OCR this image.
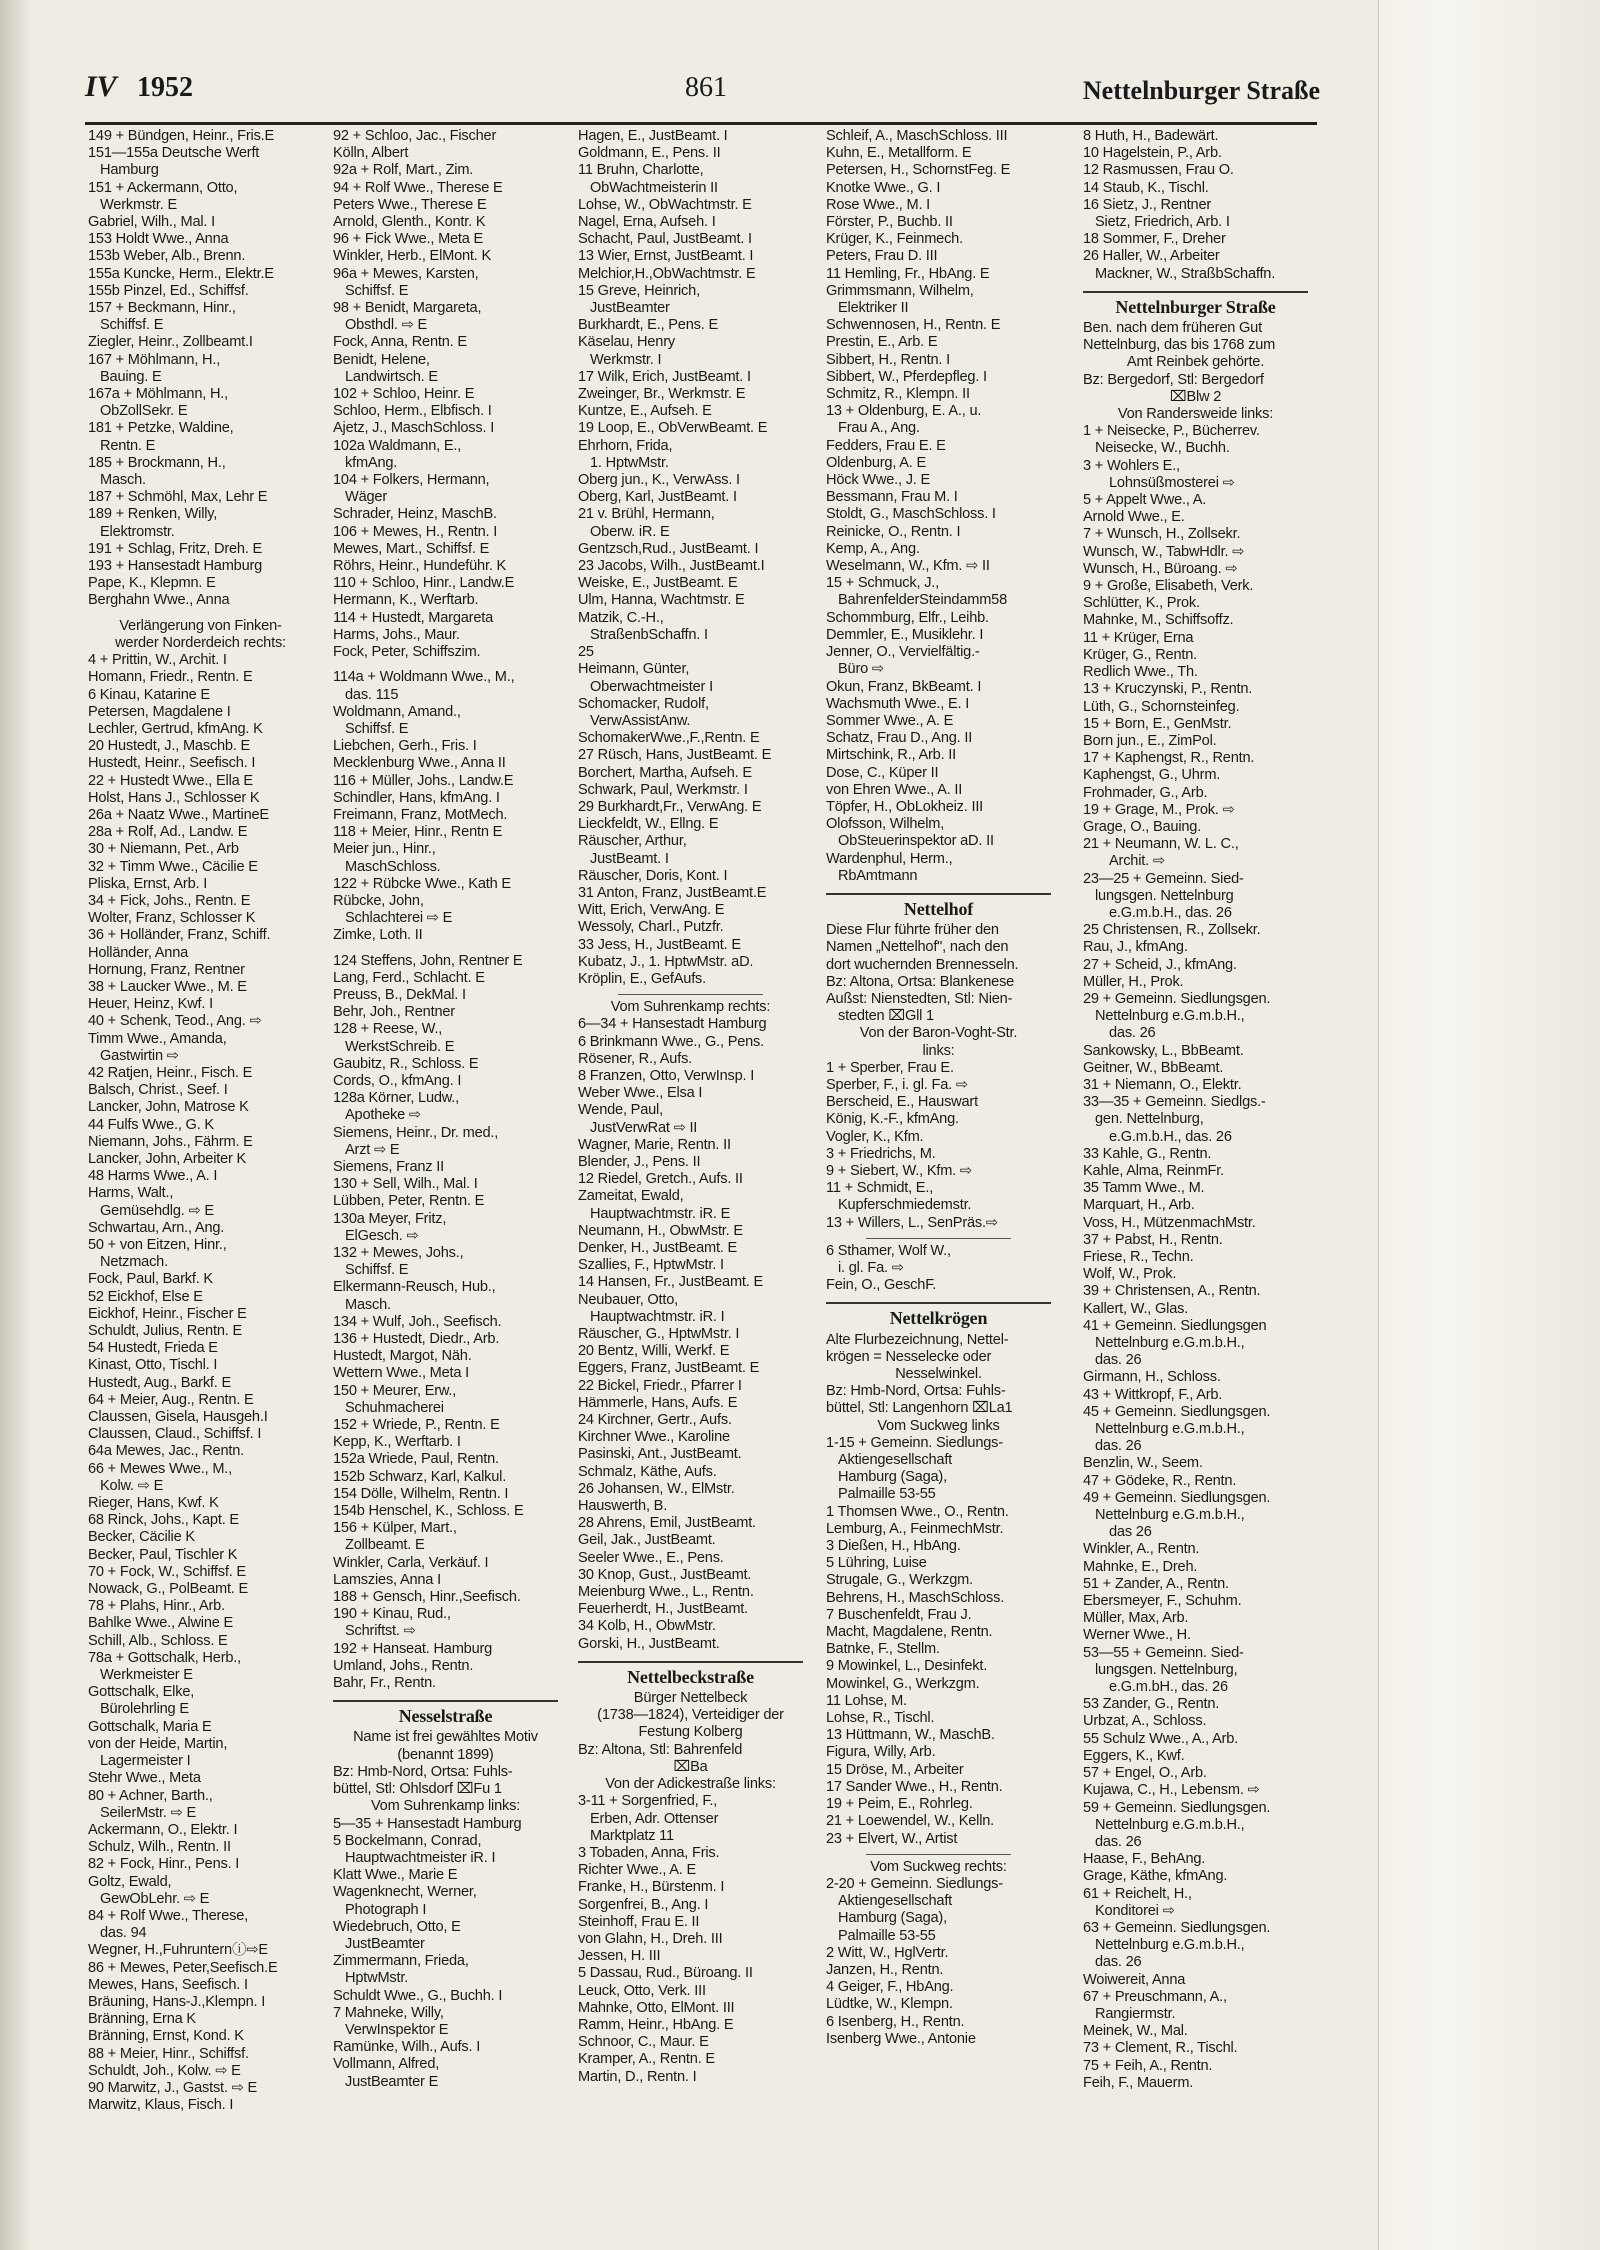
IV 1952	861	Nettelnburger Straße
149 + Bündgen, Heinr., Fris.E
151—155a Deutsche Werft
Hamburg
151 + Ackermann, Otto,
Werkmstr. E
Gabriel, Wilh., Mal. I
153 Holdt Wwe., Anna
153b Weber, Alb., Brenn.
155a Kuncke, Herm., Elektr.E
155b Pinzel, Ed., Schiffsf.
157 + Beckmann, Hinr.,
Schiffsf. E
Ziegler, Heinr., Zollbeamt.I
167 + Möhlmann, H.,
Bauing. E
167a + Möhlmann, H.,
ObZollSekr. E
181 + Petzke, Waldine,
Rentn. E
185 + Brockmann, H.,
Masch.
187 + Schmöhl, Max, Lehr E
189 + Renken, Willy,
Elektromstr.
191 + Schlag, Fritz, Dreh. E
193 + Hansestadt Hamburg
Pape, K., Klepmn. E
Berghahn Wwe., Anna
Verlängerung von Finken-
werder Norderdeich rechts:
4 + Prittin, W., Archit. I
Homann, Friedr., Rentn. E
6 Kinau, Katarine E
Petersen, Magdalene I
Lechler, Gertrud, kfmAng. K
20 Hustedt, J., Maschb. E
Hustedt, Heinr., Seefisch. I
22 + Hustedt Wwe., Ella E
Holst, Hans J., Schlosser K
26a + Naatz Wwe., MartineE
28a + Rolf, Ad., Landw. E
30 + Niemann, Pet., Arb
32 + Timm Wwe., Cäcilie E
Pliska, Ernst, Arb. I
34 + Fick, Johs., Rentn. E
Wolter, Franz, Schlosser K
36 + Holländer, Franz, Schiff.
Holländer, Anna
Hornung, Franz, Rentner
38 + Laucker Wwe., M. E
Heuer, Heinz, Kwf. I
40 + Schenk, Teod., Ang. ⇨
Timm Wwe., Amanda,
Gastwirtin ⇨
42 Ratjen, Heinr., Fisch. E
Balsch, Christ., Seef. I
Lancker, John, Matrose K
44 Fulfs Wwe., G. K
Niemann, Johs., Fährm. E
Lancker, John, Arbeiter K
48 Harms Wwe., A. I
Harms, Walt.,
Gemüsehdlg. ⇨ E
Schwartau, Arn., Ang.
50 + von Eitzen, Hinr.,
Netzmach.
Fock, Paul, Barkf. K
52 Eickhof, Else E
Eickhof, Heinr., Fischer E
Schuldt, Julius, Rentn. E
54 Hustedt, Frieda E
Kinast, Otto, Tischl. I
Hustedt, Aug., Barkf. E
64 + Meier, Aug., Rentn. E
Claussen, Gisela, Hausgeh.I
Claussen, Claud., Schiffsf. I
64a Mewes, Jac., Rentn.
66 + Mewes Wwe., M.,
Kolw. ⇨ E
Rieger, Hans, Kwf. K
68 Rinck, Johs., Kapt. E
Becker, Cäcilie K
Becker, Paul, Tischler K
70 + Fock, W., Schiffsf. E
Nowack, G., PolBeamt. E
78 + Plahs, Hinr., Arb.
Bahlke Wwe., Alwine E
Schill, Alb., Schloss. E
78a + Gottschalk, Herb.,
Werkmeister E
Gottschalk, Elke,
Bürolehrling E
Gottschalk, Maria E
von der Heide, Martin,
Lagermeister I
Stehr Wwe., Meta
80 + Achner, Barth.,
SeilerMstr. ⇨ E
Ackermann, O., Elektr. I
Schulz, Wilh., Rentn. II
82 + Fock, Hinr., Pens. I
Goltz, Ewald,
GewObLehr. ⇨ E
84 + Rolf Wwe., Therese,
das. 94
Wegner, H.,Fuhrunternⓘ⇨E
86 + Mewes, Peter,Seefisch.E
Mewes, Hans, Seefisch. I
Bräuning, Hans-J.,Klempn. I
Bränning, Erna K
Bränning, Ernst, Kond. K
88 + Meier, Hinr., Schiffsf.
Schuldt, Joh., Kolw. ⇨ E
90 Marwitz, J., Gastst. ⇨ E
Marwitz, Klaus, Fisch. I
92 + Schloo, Jac., Fischer
Kölln, Albert
92a + Rolf, Mart., Zim.
94 + Rolf Wwe., Therese E
Peters Wwe., Therese E
Arnold, Glenth., Kontr. K
96 + Fick Wwe., Meta E
Winkler, Herb., ElMont. K
96a + Mewes, Karsten,
Schiffsf. E
98 + Benidt, Margareta,
Obsthdl. ⇨ E
Fock, Anna, Rentn. E
Benidt, Helene,
Landwirtsch. E
102 + Schloo, Heinr. E
Schloo, Herm., Elbfisch. I
Ajetz, J., MaschSchloss. I
102a Waldmann, E.,
kfmAng.
104 + Folkers, Hermann,
Wäger
Schrader, Heinz, MaschB.
106 + Mewes, H., Rentn. I
Mewes, Mart., Schiffsf. E
Röhrs, Heinr., Hundeführ. K
110 + Schloo, Hinr., Landw.E
Hermann, K., Werftarb.
114 + Hustedt, Margareta
Harms, Johs., Maur.
Fock, Peter, Schiffszim.
114a + Woldmann Wwe., M.,
das. 115
Woldmann, Amand.,
Schiffsf. E
Liebchen, Gerh., Fris. I
Mecklenburg Wwe., Anna II
116 + Müller, Johs., Landw.E
Schindler, Hans, kfmAng. I
Freimann, Franz, MotMech.
118 + Meier, Hinr., Rentn E
Meier jun., Hinr.,
MaschSchloss.
122 + Rübcke Wwe., Kath E
Rübcke, John,
Schlachterei ⇨ E
Zimke, Loth. II
124 Steffens, John, Rentner E
Lang, Ferd., Schlacht. E
Preuss, B., DekMal. I
Behr, Joh., Rentner
128 + Reese, W.,
WerkstSchreib. E
Gaubitz, R., Schloss. E
Cords, O., kfmAng. I
128a Körner, Ludw.,
Apotheke ⇨
Siemens, Heinr., Dr. med.,
Arzt ⇨ E
Siemens, Franz II
130 + Sell, Wilh., Mal. I
Lübben, Peter, Rentn. E
130a Meyer, Fritz,
ElGesch. ⇨
132 + Mewes, Johs.,
Schiffsf. E
Elkermann-Reusch, Hub.,
Masch.
134 + Wulf, Joh., Seefisch.
136 + Hustedt, Diedr., Arb.
Hustedt, Margot, Näh.
Wettern Wwe., Meta I
150 + Meurer, Erw.,
Schuhmacherei
152 + Wriede, P., Rentn. E
Kepp, K., Werftarb. I
152a Wriede, Paul, Rentn.
152b Schwarz, Karl, Kalkul.
154 Dölle, Wilhelm, Rentn. I
154b Henschel, K., Schloss. E
156 + Külper, Mart.,
Zollbeamt. E
Winkler, Carla, Verkäuf. I
Lamszies, Anna I
188 + Gensch, Hinr.,Seefisch.
190 + Kinau, Rud.,
Schriftst. ⇨
192 + Hanseat. Hamburg
Umland, Johs., Rentn.
Bahr, Fr., Rentn.
Nesselstraße
Name ist frei gewähltes Motiv
(benannt 1899)
Bz: Hmb-Nord, Ortsa: Fuhls-
büttel, Stl: Ohlsdorf ⌧Fu 1
Vom Suhrenkamp links:
5—35 + Hansestadt Hamburg
5 Bockelmann, Conrad,
Hauptwachtmeister iR. I
Klatt Wwe., Marie E
Wagenknecht, Werner,
Photograph I
Wiedebruch, Otto, E
JustBeamter
Zimmermann, Frieda,
HptwMstr.
Schuldt Wwe., G., Buchh. I
7 Mahneke, Willy,
VerwInspektor E
Ramünke, Wilh., Aufs. I
Vollmann, Alfred,
JustBeamter E
Hagen, E., JustBeamt. I
Goldmann, E., Pens. II
11 Bruhn, Charlotte,
ObWachtmeisterin II
Lohse, W., ObWachtmstr. E
Nagel, Erna, Aufseh. I
Schacht, Paul, JustBeamt. I
13 Wier, Ernst, JustBeamt. I
Melchior,H.,ObWachtmstr. E
15 Greve, Heinrich,
JustBeamter
Burkhardt, E., Pens. E
Käselau, Henry
Werkmstr. I
17 Wilk, Erich, JustBeamt. I
Zweinger, Br., Werkmstr. E
Kuntze, E., Aufseh. E
19 Loop, E., ObVerwBeamt. E
Ehrhorn, Frida,
1. HptwMstr.
Oberg jun., K., VerwAss. I
Oberg, Karl, JustBeamt. I
21 v. Brühl, Hermann,
Oberw. iR. E
Gentzsch,Rud., JustBeamt. I
23 Jacobs, Wilh., JustBeamt.I
Weiske, E., JustBeamt. E
Ulm, Hanna, Wachtmstr. E
Matzik, C.-H.,
StraßenbSchaffn. I
25
Heimann, Günter,
Oberwachtmeister I
Schomacker, Rudolf,
VerwAssistAnw.
SchomakerWwe.,F.,Rentn. E
27 Rüsch, Hans, JustBeamt. E
Borchert, Martha, Aufseh. E
Schwark, Paul, Werkmstr. I
29 Burkhardt,Fr., VerwAng. E
Lieckfeldt, W., Ellng. E
Räuscher, Arthur,
JustBeamt. I
Räuscher, Doris, Kont. I
31 Anton, Franz, JustBeamt.E
Witt, Erich, VerwAng. E
Wessoly, Charl., Putzfr.
33 Jess, H., JustBeamt. E
Kubatz, J., 1. HptwMstr. aD.
Kröplin, E., GefAufs.
Vom Suhrenkamp rechts:
6—34 + Hansestadt Hamburg
6 Brinkmann Wwe., G., Pens.
Rösener, R., Aufs.
8 Franzen, Otto, VerwInsp. I
Weber Wwe., Elsa I
Wende, Paul,
JustVerwRat ⇨ II
Wagner, Marie, Rentn. II
Blender, J., Pens. II
12 Riedel, Gretch., Aufs. II
Zameitat, Ewald,
Hauptwachtmstr. iR. E
Neumann, H., ObwMstr. E
Denker, H., JustBeamt. E
Szallies, F., HptwMstr. I
14 Hansen, Fr., JustBeamt. E
Neubauer, Otto,
Hauptwachtmstr. iR. I
Räuscher, G., HptwMstr. I
20 Bentz, Willi, Werkf. E
Eggers, Franz, JustBeamt. E
22 Bickel, Friedr., Pfarrer I
Hämmerle, Hans, Aufs. E
24 Kirchner, Gertr., Aufs.
Kirchner Wwe., Karoline
Pasinski, Ant., JustBeamt.
Schmalz, Käthe, Aufs.
26 Johansen, W., ElMstr.
Hauswerth, B.
28 Ahrens, Emil, JustBeamt.
Geil, Jak., JustBeamt.
Seeler Wwe., E., Pens.
30 Knop, Gust., JustBeamt.
Meienburg Wwe., L., Rentn.
Feuerherdt, H., JustBeamt.
34 Kolb, H., ObwMstr.
Gorski, H., JustBeamt.
Nettelbeckstraße
Bürger Nettelbeck
(1738—1824), Verteidiger der
Festung Kolberg
Bz: Altona, Stl: Bahrenfeld
⌧Ba
Von der Adickestraße links:
3-11 + Sorgenfried, F.,
Erben, Adr. Ottenser
Marktplatz 11
3 Tobaden, Anna, Fris.
Richter Wwe., A. E
Franke, H., Bürstenm. I
Sorgenfrei, B., Ang. I
Steinhoff, Frau E. II
von Glahn, H., Dreh. III
Jessen, H. III
5 Dassau, Rud., Büroang. II
Leuck, Otto, Verk. III
Mahnke, Otto, ElMont. III
Ramm, Heinr., HbAng. E
Schnoor, C., Maur. E
Kramper, A., Rentn. E
Martin, D., Rentn. I
Schleif, A., MaschSchloss. III
Kuhn, E., Metallform. E
Petersen, H., SchornstFeg. E
Knotke Wwe., G. I
Rose Wwe., M. I
Förster, P., Buchb. II
Krüger, K., Feinmech.
Peters, Frau D. III
11 Hemling, Fr., HbAng. E
Grimmsmann, Wilhelm,
Elektriker II
Schwennosen, H., Rentn. E
Prestin, E., Arb. E
Sibbert, H., Rentn. I
Sibbert, W., Pferdepfleg. I
Schmitz, R., Klempn. II
13 + Oldenburg, E. A., u.
Frau A., Ang.
Fedders, Frau E. E
Oldenburg, A. E
Höck Wwe., J. E
Bessmann, Frau M. I
Stoldt, G., MaschSchloss. I
Reinicke, O., Rentn. I
Kemp, A., Ang.
Weselmann, W., Kfm. ⇨ II
15 + Schmuck, J.,
BahrenfelderSteindamm58
Schommburg, Elfr., Leihb.
Demmler, E., Musiklehr. I
Jenner, O., Vervielfältig.-
Büro ⇨
Okun, Franz, BkBeamt. I
Wachsmuth Wwe., E. I
Sommer Wwe., A. E
Schatz, Frau D., Ang. II
Mirtschink, R., Arb. II
Dose, C., Küper II
von Ehren Wwe., A. II
Töpfer, H., ObLokheiz. III
Olofsson, Wilhelm,
ObSteuerinspektor aD. II
Wardenphul, Herm.,
RbAmtmann
Nettelhof
Diese Flur führte früher den
Namen „Nettelhof", nach den
dort wuchernden Brennesseln.
Bz: Altona, Ortsa: Blankenese
Außst: Nienstedten, Stl: Nien-
stedten ⌧Gll 1
Von der Baron-Voght-Str.
links:
1 + Sperber, Frau E.
Sperber, F., i. gl. Fa. ⇨
Berscheid, E., Hauswart
König, K.-F., kfmAng.
Vogler, K., Kfm.
3 + Friedrichs, M.
9 + Siebert, W., Kfm. ⇨
11 + Schmidt, E.,
Kupferschmiedemstr.
13 + Willers, L., SenPräs.⇨
6 Sthamer, Wolf W.,
i. gl. Fa. ⇨
Fein, O., GeschF.
Nettelkrögen
Alte Flurbezeichnung, Nettel-
krögen = Nesselecke oder
Nesselwinkel.
Bz: Hmb-Nord, Ortsa: Fuhls-
büttel, Stl: Langenhorn ⌧La1
Vom Suckweg links
1-15 + Gemeinn. Siedlungs-
Aktiengesellschaft
Hamburg (Saga),
Palmaille 53-55
1 Thomsen Wwe., O., Rentn.
Lemburg, A., FeinmechMstr.
3 Dießen, H., HbAng.
5 Lühring, Luise
Strugale, G., Werkzgm.
Behrens, H., MaschSchloss.
7 Buschenfeldt, Frau J.
Macht, Magdalene, Rentn.
Batnke, F., Stellm.
9 Mowinkel, L., Desinfekt.
Mowinkel, G., Werkzgm.
11 Lohse, M.
Lohse, R., Tischl.
13 Hüttmann, W., MaschB.
Figura, Willy, Arb.
15 Dröse, M., Arbeiter
17 Sander Wwe., H., Rentn.
19 + Peim, E., Rohrleg.
21 + Loewendel, W., Kelln.
23 + Elvert, W., Artist
Vom Suckweg rechts:
2-20 + Gemeinn. Siedlungs-
Aktiengesellschaft
Hamburg (Saga),
Palmaille 53-55
2 Witt, W., HglVertr.
Janzen, H., Rentn.
4 Geiger, F., HbAng.
Lüdtke, W., Klempn.
6 Isenberg, H., Rentn.
Isenberg Wwe., Antonie
8 Huth, H., Badewärt.
10 Hagelstein, P., Arb.
12 Rasmussen, Frau O.
14 Staub, K., Tischl.
16 Sietz, J., Rentner
Sietz, Friedrich, Arb. I
18 Sommer, F., Dreher
26 Haller, W., Arbeiter
Mackner, W., StraßbSchaffn.
Nettelnburger Straße
Ben. nach dem früheren Gut
Nettelnburg, das bis 1768 zum
Amt Reinbek gehörte.
Bz: Bergedorf, Stl: Bergedorf
⌧Blw 2
Von Randersweide links:
1 + Neisecke, P., Bücherrev.
Neisecke, W., Buchh.
3 + Wohlers E.,
Lohnsüßmosterei ⇨
5 + Appelt Wwe., A.
Arnold Wwe., E.
7 + Wunsch, H., Zollsekr.
Wunsch, W., TabwHdlr. ⇨
Wunsch, H., Büroang. ⇨
9 + Große, Elisabeth, Verk.
Schlütter, K., Prok.
Mahnke, M., Schiffsoffz.
11 + Krüger, Erna
Krüger, G., Rentn.
Redlich Wwe., Th.
13 + Kruczynski, P., Rentn.
Lüth, G., Schornsteinfeg.
15 + Born, E., GenMstr.
Born jun., E., ZimPol.
17 + Kaphengst, R., Rentn.
Kaphengst, G., Uhrm.
Frohmader, G., Arb.
19 + Grage, M., Prok. ⇨
Grage, O., Bauing.
21 + Neumann, W. L. C.,
Archit. ⇨
23—25 + Gemeinn. Sied-
lungsgen. Nettelnburg
e.G.m.b.H., das. 26
25 Christensen, R., Zollsekr.
Rau, J., kfmAng.
27 + Scheid, J., kfmAng.
Müller, H., Prok.
29 + Gemeinn. Siedlungsgen.
Nettelnburg e.G.m.b.H.,
das. 26
Sankowsky, L., BbBeamt.
Geitner, W., BbBeamt.
31 + Niemann, O., Elektr.
33—35 + Gemeinn. Siedlgs.-
gen. Nettelnburg,
e.G.m.b.H., das. 26
33 Kahle, G., Rentn.
Kahle, Alma, ReinmFr.
35 Tamm Wwe., M.
Marquart, H., Arb.
Voss, H., MützenmachMstr.
37 + Pabst, H., Rentn.
Friese, R., Techn.
Wolf, W., Prok.
39 + Christensen, A., Rentn.
Kallert, W., Glas.
41 + Gemeinn. Siedlungsgen
Nettelnburg e.G.m.b.H.,
das. 26
Girmann, H., Schloss.
43 + Wittkropf, F., Arb.
45 + Gemeinn. Siedlungsgen.
Nettelnburg e.G.m.b.H.,
das. 26
Benzlin, W., Seem.
47 + Gödeke, R., Rentn.
49 + Gemeinn. Siedlungsgen.
Nettelnburg e.G.m.b.H.,
das 26
Winkler, A., Rentn.
Mahnke, E., Dreh.
51 + Zander, A., Rentn.
Ebersmeyer, F., Schuhm.
Müller, Max, Arb.
Werner Wwe., H.
53—55 + Gemeinn. Sied-
lungsgen. Nettelnburg,
e.G.m.bH., das. 26
53 Zander, G., Rentn.
Urbzat, A., Schloss.
55 Schulz Wwe., A., Arb.
Eggers, K., Kwf.
57 + Engel, O., Arb.
Kujawa, C., H., Lebensm. ⇨
59 + Gemeinn. Siedlungsgen.
Nettelnburg e.G.m.b.H.,
das. 26
Haase, F., BehAng.
Grage, Käthe, kfmAng.
61 + Reichelt, H.,
Konditorei ⇨
63 + Gemeinn. Siedlungsgen.
Nettelnburg e.G.m.b.H.,
das. 26
Woiwereit, Anna
67 + Preuschmann, A.,
Rangiermstr.
Meinek, W., Mal.
73 + Clement, R., Tischl.
75 + Feih, A., Rentn.
Feih, F., Mauerm.
